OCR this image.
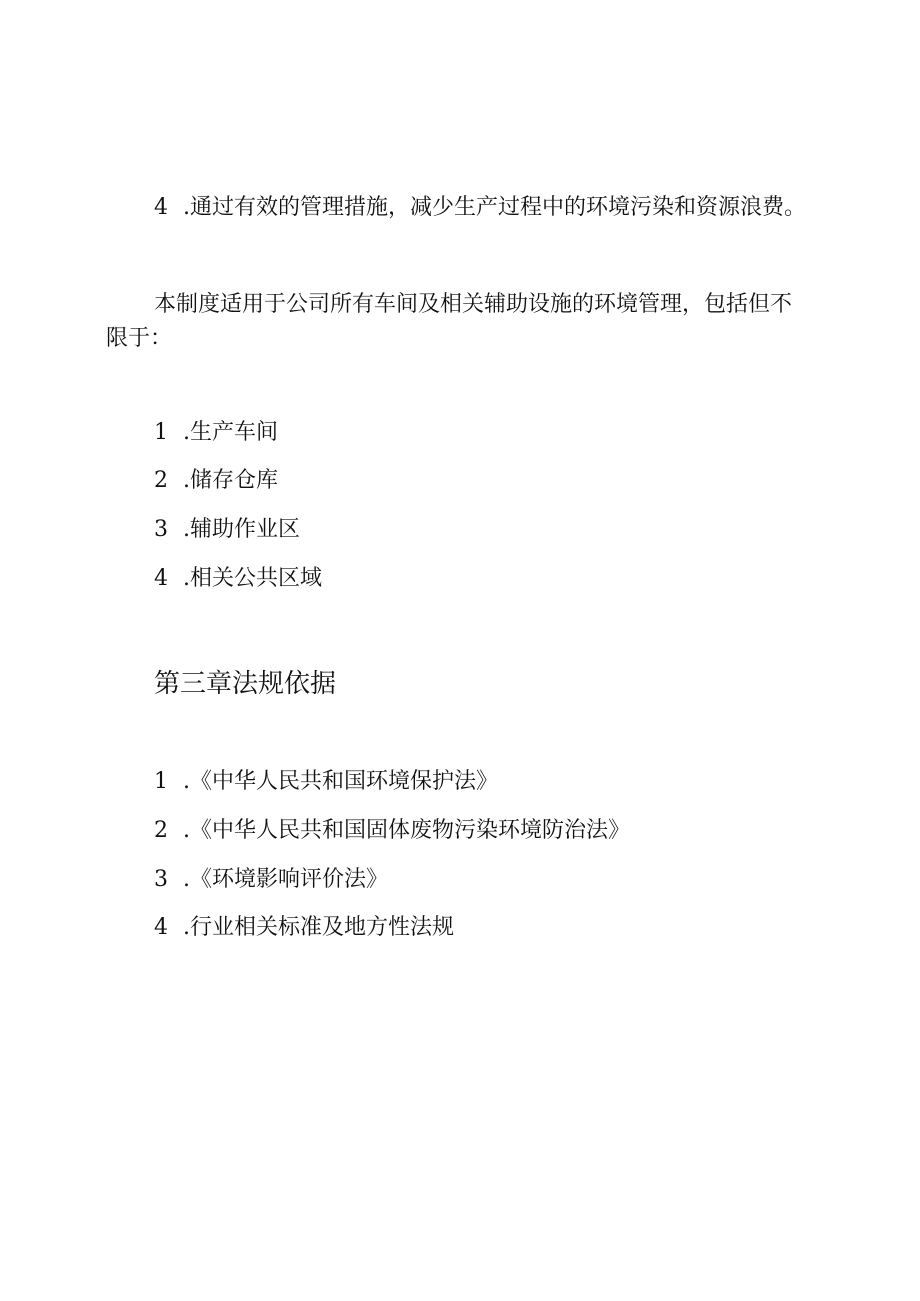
4 .通过有效的管理措施，减少生产过程中的环境污染和资源浪费。
本制度适用于公司所有车间及相关辅助设施的环境管理，包括但不限于：
1 .生产车间
2 .储存仓库
3 .辅助作业区
4 .相关公共区域
第三章法规依据
1 .《中华人民共和国环境保护法》
2 .《中华人民共和国固体废物污染环境防治法》
3 .《环境影响评价法》
4 .行业相关标准及地方性法规
